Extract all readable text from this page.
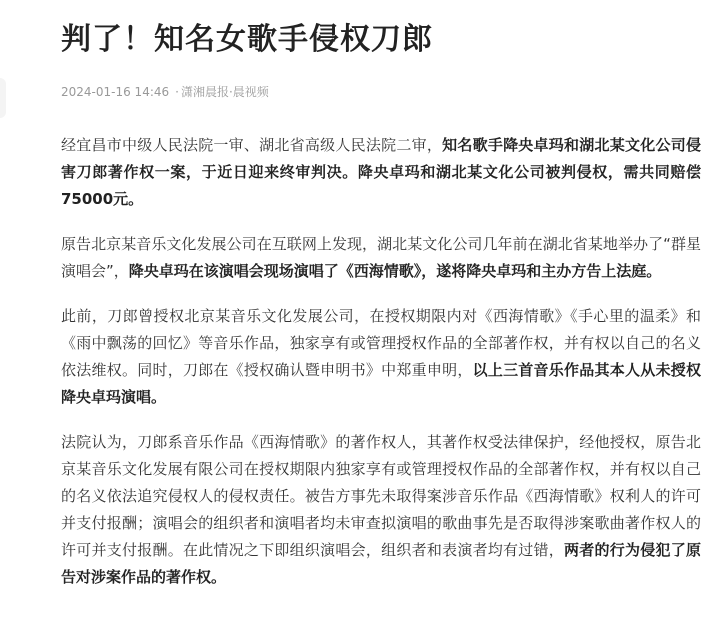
判了！知名女歌手侵权刀郎
2024-01-16 14:46 · 潇湘晨报·晨视频

经宜昌市中级人民法院一审、湖北省高级人民法院二审，知名歌手降央卓玛和湖北某文化公司侵害刀郎著作权一案，于近日迎来终审判决。降央卓玛和湖北某文化公司被判侵权，需共同赔偿75000元。

原告北京某音乐文化发展公司在互联网上发现，湖北某文化公司几年前在湖北省某地举办了“群星演唱会”，降央卓玛在该演唱会现场演唱了《西海情歌》，遂将降央卓玛和主办方告上法庭。

此前，刀郎曾授权北京某音乐文化发展公司，在授权期限内对《西海情歌》《手心里的温柔》和《雨中飘荡的回忆》等音乐作品，独家享有或管理授权作品的全部著作权，并有权以自己的名义依法维权。同时，刀郎在《授权确认暨申明书》中郑重申明，以上三首音乐作品其本人从未授权降央卓玛演唱。

法院认为，刀郎系音乐作品《西海情歌》的著作权人，其著作权受法律保护，经他授权，原告北京某音乐文化发展有限公司在授权期限内独家享有或管理授权作品的全部著作权，并有权以自己的名义依法追究侵权人的侵权责任。被告方事先未取得案涉音乐作品《西海情歌》权利人的许可并支付报酬；演唱会的组织者和演唱者均未审查拟演唱的歌曲事先是否取得涉案歌曲著作权人的许可并支付报酬。在此情况之下即组织演唱会，组织者和表演者均有过错，两者的行为侵犯了原告对涉案作品的著作权。
